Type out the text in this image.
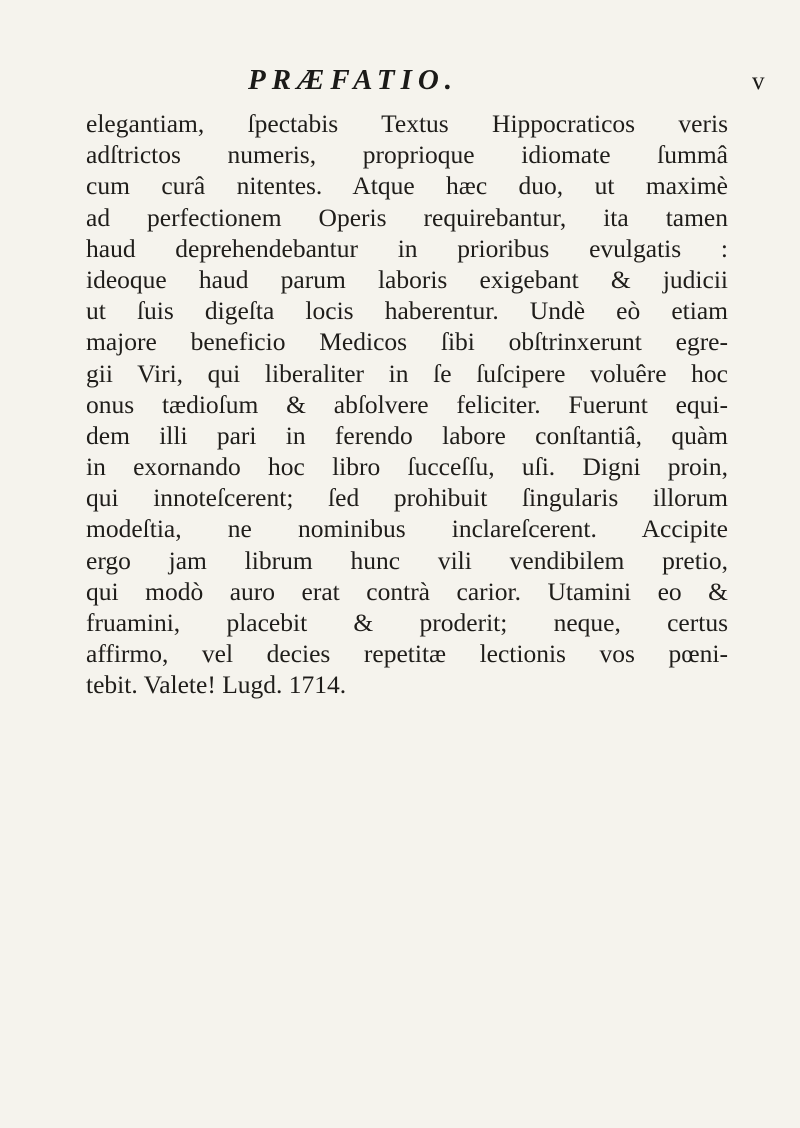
PRÆFATIO.	v
elegantiam, ſpectabis Textus Hippocraticos veris
adſtrictos numeris, proprioque idiomate ſummâ
cum curâ nitentes. Atque hæc duo, ut maximè
ad perfectionem Operis requirebantur, ita tamen
haud deprehendebantur in prioribus evulgatis :
ideoque haud parum laboris exigebant & judicii
ut ſuis digeſta locis haberentur. Undè eò etiam
majore beneficio Medicos ſibi obſtrinxerunt egre-
gii Viri, qui liberaliter in ſe ſuſcipere voluêre hoc
onus tædioſum & abſolvere feliciter. Fuerunt equi-
dem illi pari in ferendo labore conſtantiâ, quàm
in exornando hoc libro ſucceſſu, uſi. Digni proin,
qui innoteſcerent; ſed prohibuit ſingularis illorum
modeſtia, ne nominibus inclareſcerent. Accipite
ergo jam librum hunc vili vendibilem pretio,
qui modò auro erat contrà carior. Utamini eo &
fruamini, placebit & proderit; neque, certus
affirmo, vel decies repetitæ lectionis vos pœni-
tebit. Valete! Lugd. 1714.
